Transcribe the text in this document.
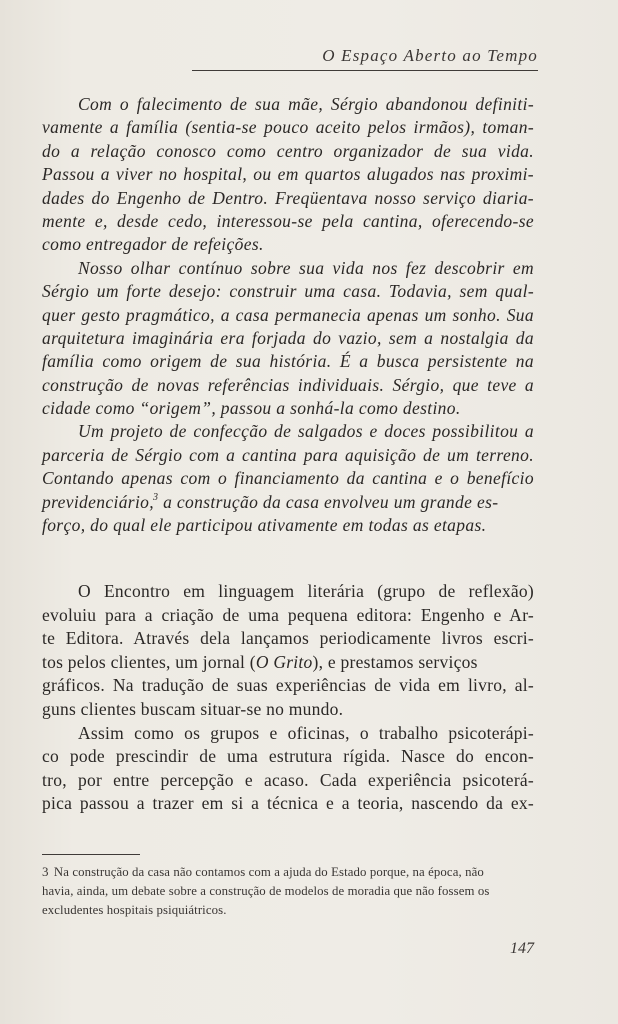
O Espaço Aberto ao Tempo
Com o falecimento de sua mãe, Sérgio abandonou definiti-
vamente a família (sentia-se pouco aceito pelos irmãos), toman-
do a relação conosco como centro organizador de sua vida.
Passou a viver no hospital, ou em quartos alugados nas proximi-
dades do Engenho de Dentro. Freqüentava nosso serviço diaria-
mente e, desde cedo, interessou-se pela cantina, oferecendo-se
como entregador de refeições.
Nosso olhar contínuo sobre sua vida nos fez descobrir em
Sérgio um forte desejo: construir uma casa. Todavia, sem qual-
quer gesto pragmático, a casa permanecia apenas um sonho. Sua
arquitetura imaginária era forjada do vazio, sem a nostalgia da
família como origem de sua história. É a busca persistente na
construção de novas referências individuais. Sérgio, que teve a
cidade como “origem”, passou a sonhá-la como destino.
Um projeto de confecção de salgados e doces possibilitou a
parceria de Sérgio com a cantina para aquisição de um terreno.
Contando apenas com o financiamento da cantina e o benefício
previdenciário,$^3$ a construção da casa envolveu um grande es-
forço, do qual ele participou ativamente em todas as etapas.
O Encontro em linguagem literária (grupo de reflexão)
evoluiu para a criação de uma pequena editora: Engenho e Ar-
te Editora. Através dela lançamos periodicamente livros escri-
tos pelos clientes, um jornal (O Grito), e prestamos serviços
gráficos. Na tradução de suas experiências de vida em livro, al-
guns clientes buscam situar-se no mundo.
Assim como os grupos e oficinas, o trabalho psicoterápi-
co pode prescindir de uma estrutura rígida. Nasce do encon-
tro, por entre percepção e acaso. Cada experiência psicoterá-
pica passou a trazer em si a técnica e a teoria, nascendo da ex-
3 Na construção da casa não contamos com a ajuda do Estado porque, na época, não
havia, ainda, um debate sobre a construção de modelos de moradia que não fossem os
excludentes hospitais psiquiátricos.
147
